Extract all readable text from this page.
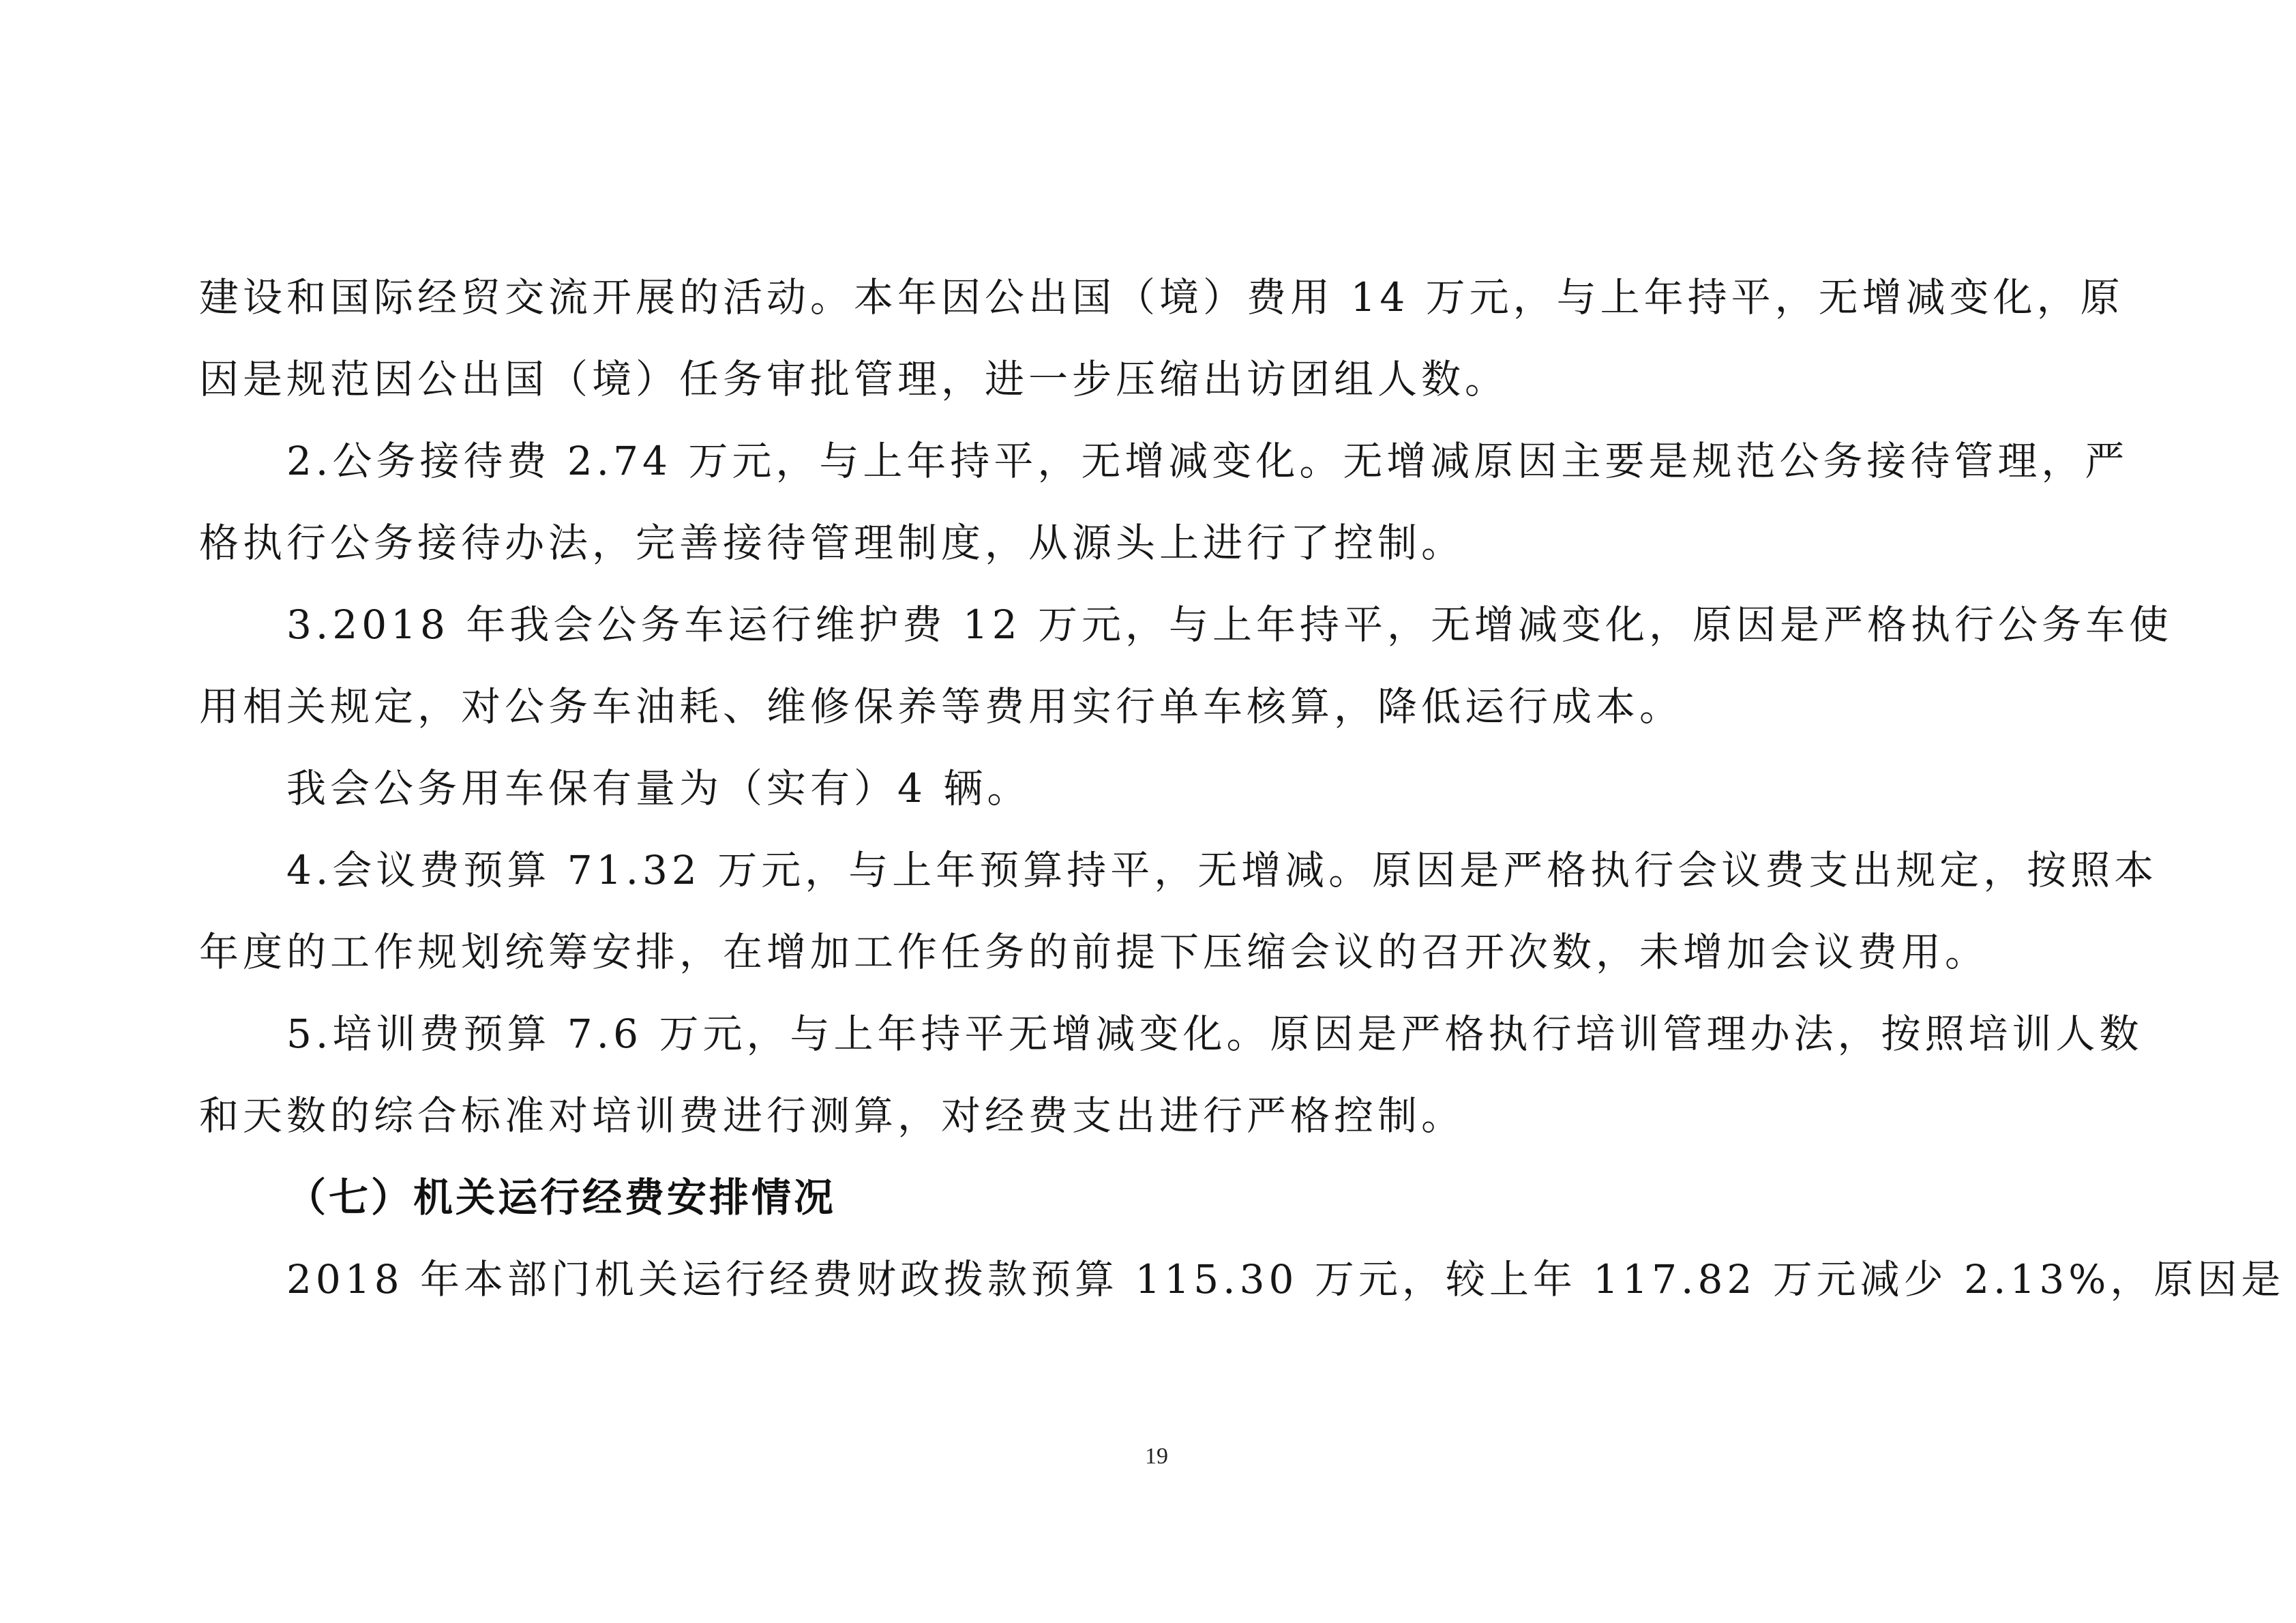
建设和国际经贸交流开展的活动。本年因公出国（境）费用 14 万元，与上年持平，无增减变化，原
因是规范因公出国（境）任务审批管理，进一步压缩出访团组人数。
2.公务接待费 2.74 万元，与上年持平，无增减变化。无增减原因主要是规范公务接待管理，严
格执行公务接待办法，完善接待管理制度，从源头上进行了控制。
3.2018 年我会公务车运行维护费 12 万元，与上年持平，无增减变化，原因是严格执行公务车使
用相关规定，对公务车油耗、维修保养等费用实行单车核算，降低运行成本。
我会公务用车保有量为（实有）4 辆。
4.会议费预算 71.32 万元，与上年预算持平，无增减。原因是严格执行会议费支出规定，按照本
年度的工作规划统筹安排，在增加工作任务的前提下压缩会议的召开次数，未增加会议费用。
5.培训费预算 7.6 万元，与上年持平无增减变化。原因是严格执行培训管理办法，按照培训人数
和天数的综合标准对培训费进行测算，对经费支出进行严格控制。
（七）机关运行经费安排情况
2018 年本部门机关运行经费财政拨款预算 115.30 万元，较上年 117.82 万元减少 2.13%，原因是
19
